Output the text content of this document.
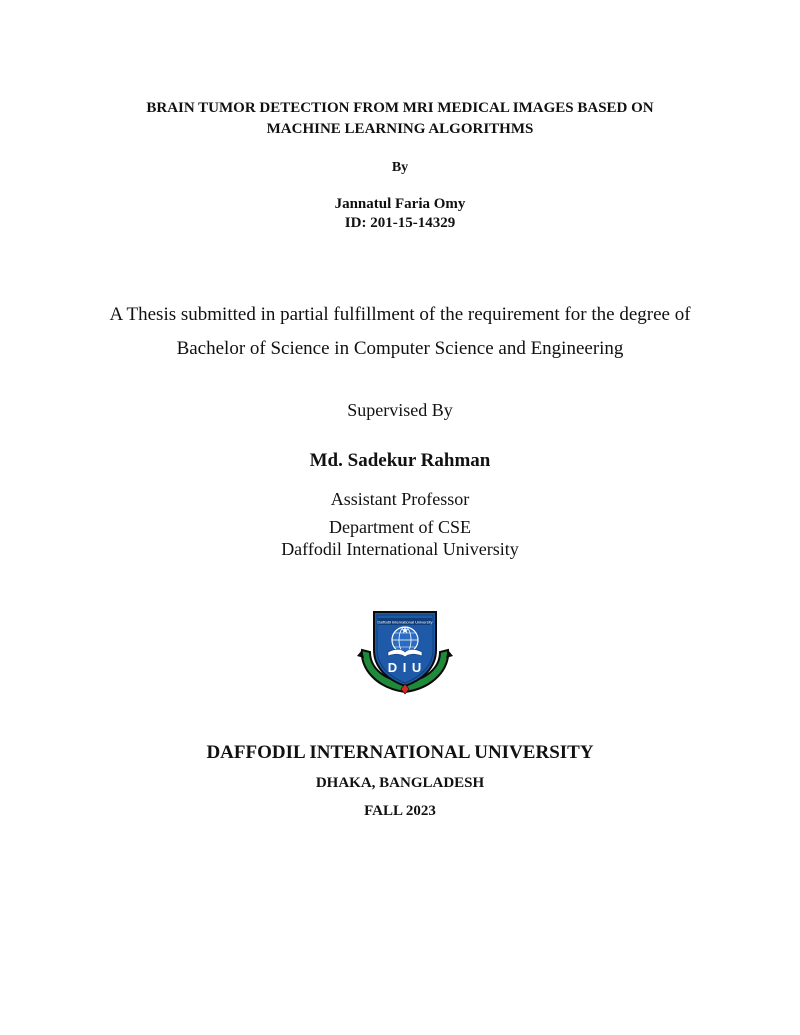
BRAIN TUMOR DETECTION FROM MRI MEDICAL IMAGES BASED ON
MACHINE LEARNING ALGORITHMS
By
Jannatul Faria Omy
ID: 201-15-14329
A Thesis submitted in partial fulfillment of the requirement for the degree of
Bachelor of Science in Computer Science and Engineering
Supervised By
Md. Sadekur Rahman
Assistant Professor
Department of CSE
Daffodil International University
Daffodil International University
D I U
DAFFODIL INTERNATIONAL UNIVERSITY
DHAKA, BANGLADESH
FALL 2023
